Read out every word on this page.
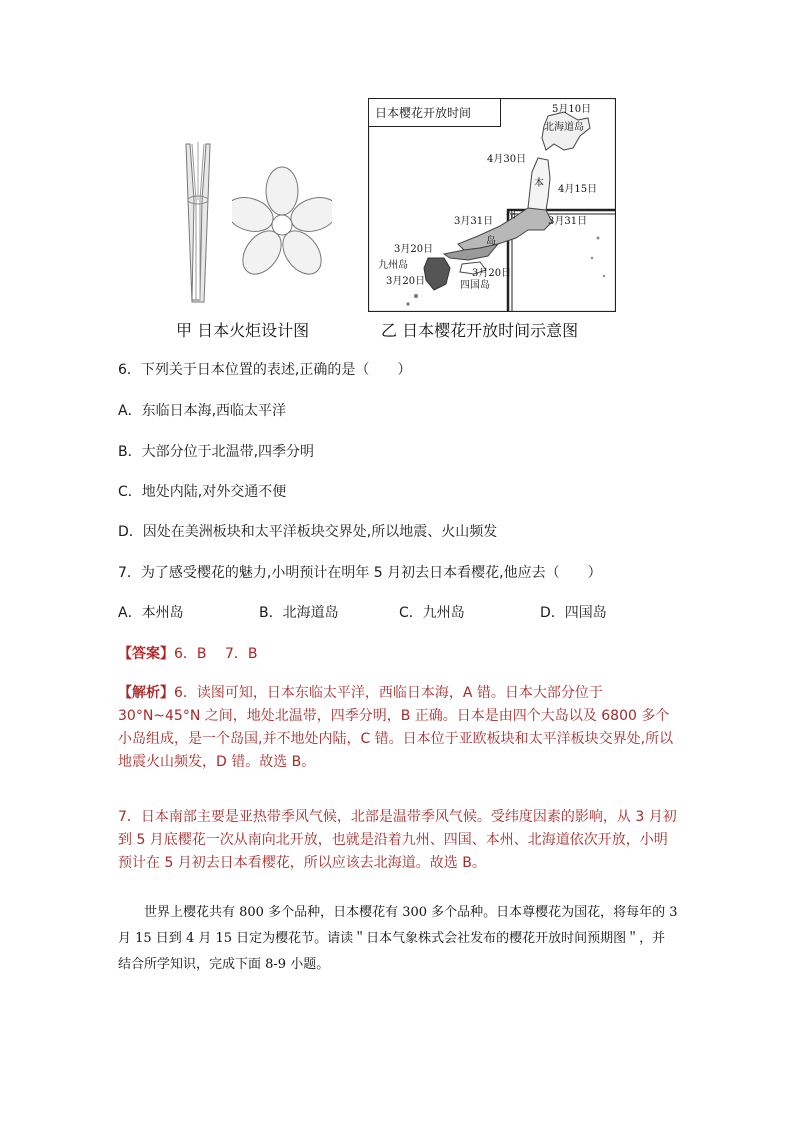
日本樱花开放时间	5月10日
4月30日
4月15日
3月31日	3月31日
3月20日
3月20日
3月20日
北海道岛
本
州
岛
九州岛
四国岛
甲 日本火炬设计图	乙 日本樱花开放时间示意图
6．下列关于日本位置的表述,正确的是（　　）
A．东临日本海,西临太平洋
B．大部分位于北温带,四季分明
C．地处内陆,对外交通不便
D．因处在美洲板块和太平洋板块交界处,所以地震、火山频发
7．为了感受樱花的魅力,小明预计在明年 5 月初去日本看樱花,他应去（　　）
A．本州岛	B．北海道岛	C．九州岛	D．四国岛
【答案】6．B　 7．B
【解析】6．读图可知，日本东临太平洋，西临日本海，A 错。日本大部分位于 30°N~45°N 之间，地处北温带，四季分明，B 正确。日本是由四个大岛以及 6800 多个小岛组成，是一个岛国,并不地处内陆，C 错。日本位于亚欧板块和太平洋板块交界处,所以地震火山频发，D 错。故选 B。
7．日本南部主要是亚热带季风气候，北部是温带季风气候。受纬度因素的影响，从 3 月初到 5 月底樱花一次从南向北开放，也就是沿着九州、四国、本州、北海道依次开放，小明预计在 5 月初去日本看樱花，所以应该去北海道。故选 B。
世界上樱花共有 800 多个品种，日本樱花有 300 多个品种。日本尊樱花为国花，将每年的 3 月 15 日到 4 月 15 日定为樱花节。请读＂日本气象株式会社发布的樱花开放时间预期图＂，并结合所学知识，完成下面 8-9 小题。
